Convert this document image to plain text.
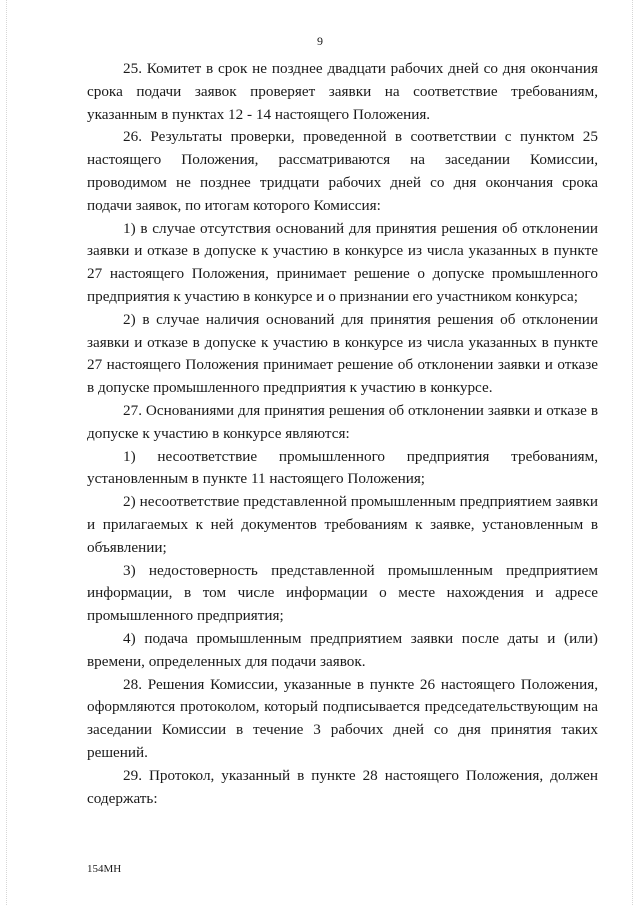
9

25. Комитет в срок не позднее двадцати рабочих дней со дня окончания срока подачи заявок проверяет заявки на соответствие требованиям, указанным в пунктах 12 - 14 настоящего Положения.

26. Результаты проверки, проведенной в соответствии с пунктом 25 настоящего Положения, рассматриваются на заседании Комиссии, проводимом не позднее тридцати рабочих дней со дня окончания срока подачи заявок, по итогам которого Комиссия:

1) в случае отсутствия оснований для принятия решения об отклонении заявки и отказе в допуске к участию в конкурсе из числа указанных в пункте 27 настоящего Положения, принимает решение о допуске промышленного предприятия к участию в конкурсе и о признании его участником конкурса;

2) в случае наличия оснований для принятия решения об отклонении заявки и отказе в допуске к участию в конкурсе из числа указанных в пункте 27 настоящего Положения принимает решение об отклонении заявки и отказе в допуске промышленного предприятия к участию в конкурсе.

27. Основаниями для принятия решения об отклонении заявки и отказе в допуске к участию в конкурсе являются:

1) несоответствие промышленного предприятия требованиям, установленным в пункте 11 настоящего Положения;

2) несоответствие представленной промышленным предприятием заявки и прилагаемых к ней документов требованиям к заявке, установленным в объявлении;

3) недостоверность представленной промышленным предприятием информации, в том числе информации о месте нахождения и адресе промышленного предприятия;

4) подача промышленным предприятием заявки после даты и (или) времени, определенных для подачи заявок.

28. Решения Комиссии, указанные в пункте 26 настоящего Положения, оформляются протоколом, который подписывается председательствующим на заседании Комиссии в течение 3 рабочих дней со дня принятия таких решений.

29. Протокол, указанный в пункте 28 настоящего Положения, должен содержать:

154МН
